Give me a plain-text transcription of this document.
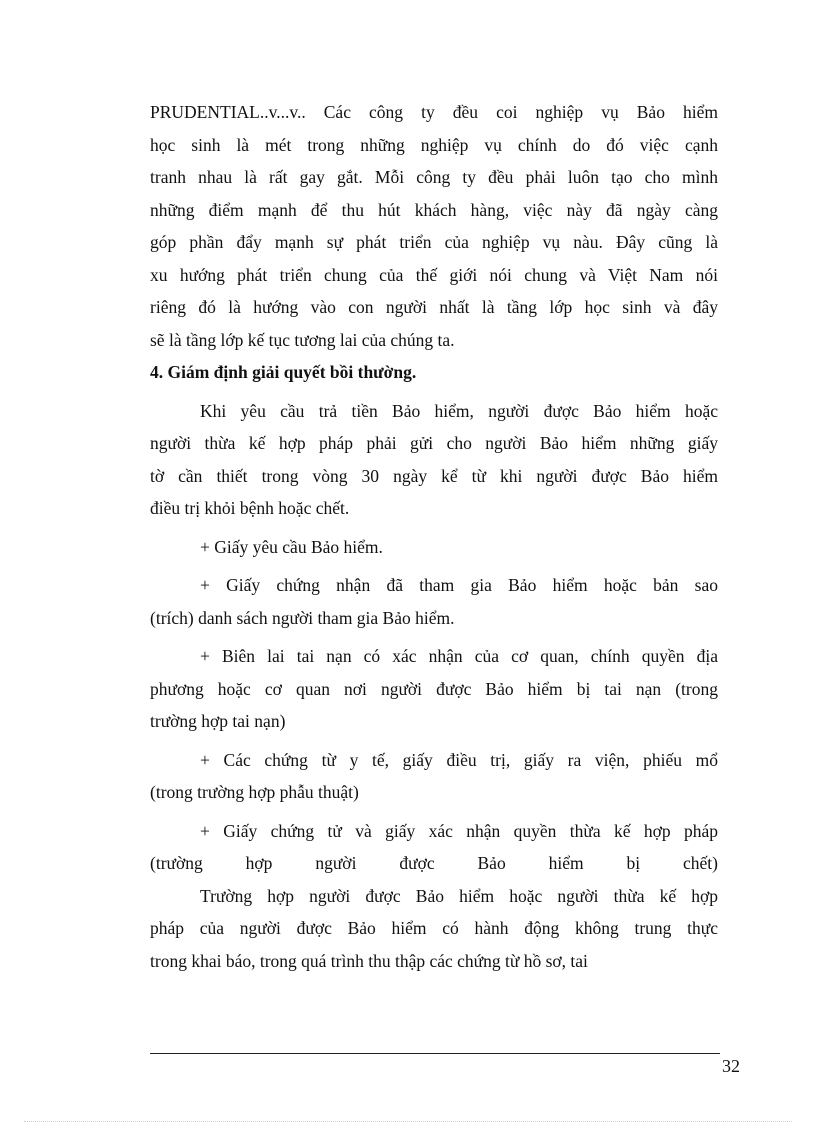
PRUDENTIAL..v...v.. Các công ty đều coi nghiệp vụ Bảo hiểm
học sinh là mét trong những nghiệp vụ chính do đó việc cạnh
tranh nhau là rất gay gắt. Mỗi công ty đều phải luôn tạo cho mình
những điểm mạnh để thu hút khách hàng, việc này đã ngày càng
góp phần đẩy mạnh sự phát triển của nghiệp vụ nàu. Đây cũng là
xu hướng phát triển chung của thế giới nói chung và Việt Nam nói
riêng đó là hướng vào con người nhất là tầng lớp học sinh và đây
sẽ là tầng lớp kế tục tương lai của chúng ta.
4. Giám định giải quyết bồi thường.
Khi yêu cầu trả tiền Bảo hiểm, người được Bảo hiểm hoặc
người thừa kế hợp pháp phải gửi cho người Bảo hiểm những giấy
tờ cần thiết trong vòng 30 ngày kể từ khi người được Bảo hiểm
điều trị khỏi bệnh hoặc chết.
+ Giấy yêu cầu Bảo hiểm.
+ Giấy chứng nhận đã tham gia Bảo hiểm hoặc bản sao
(trích) danh sách người tham gia Bảo hiểm.
+ Biên lai tai nạn có xác nhận của cơ quan, chính quyền địa
phương hoặc cơ quan nơi người được Bảo hiểm bị tai nạn (trong
trường hợp tai nạn)
+ Các chứng từ y tế, giấy điều trị, giấy ra viện, phiếu mổ
(trong trường hợp phẫu thuật)
+ Giấy chứng tử và giấy xác nhận quyền thừa kế hợp pháp
(trường hợp người được Bảo hiểm bị chết)
Trường hợp người được Bảo hiểm hoặc người thừa kế hợp
pháp của người được Bảo hiểm có hành động không trung thực
trong khai báo, trong quá trình thu thập các chứng từ hồ sơ, tai
32
